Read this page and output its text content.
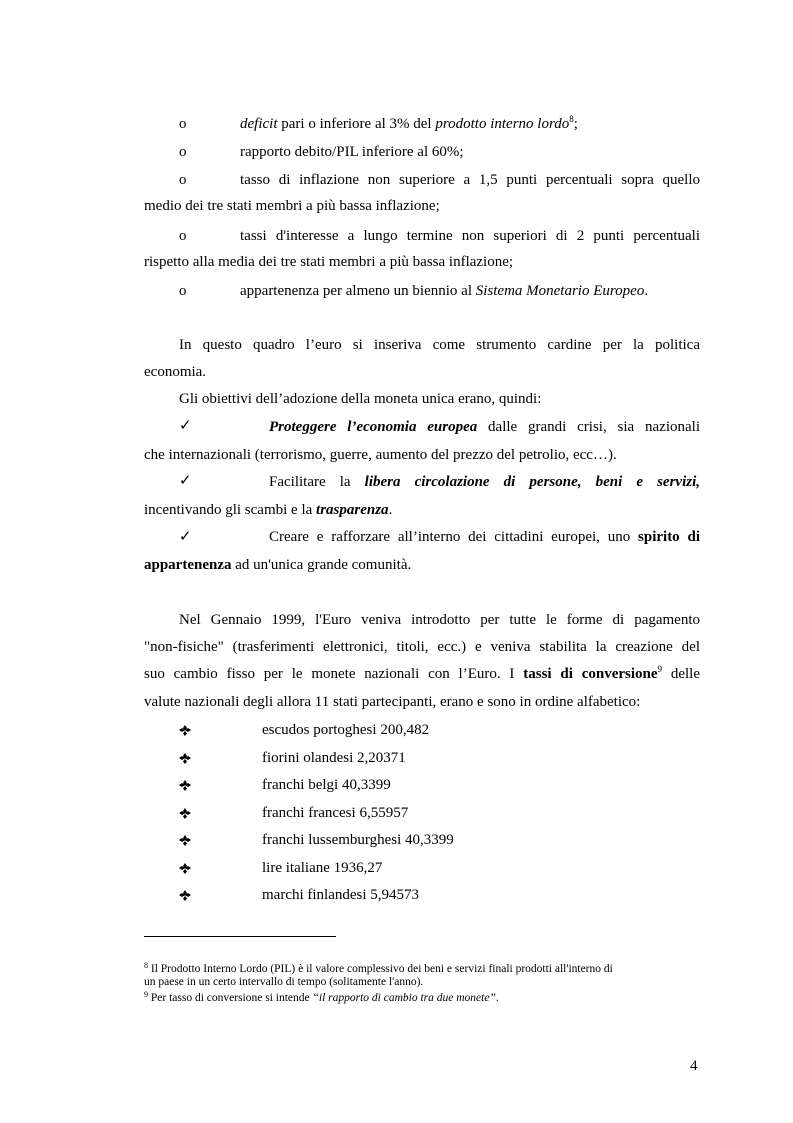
o	deficit pari o inferiore al 3% del prodotto interno lordo$^8$;
o	rapporto debito/PIL inferiore al 60%;
o	tasso di inflazione non superiore a 1,5 punti percentuali sopra quello
medio dei tre stati membri a più bassa inflazione;
o	tassi d'interesse a lungo termine non superiori di 2 punti percentuali
rispetto alla media dei tre stati membri a più bassa inflazione;
o	appartenenza per almeno un biennio al Sistema Monetario Europeo.
In questo quadro l’euro si inseriva come strumento cardine per la politica
economia.
Gli obiettivi dell’adozione della moneta unica erano, quindi:
✓	Proteggere l’economia europea dalle grandi crisi, sia nazionali
che internazionali (terrorismo, guerre, aumento del prezzo del petrolio, ecc…).
✓	Facilitare la libera circolazione di persone, beni e servizi,
incentivando gli scambi e la trasparenza.
✓	Creare e rafforzare all’interno dei cittadini europei, uno spirito di
appartenenza ad un'unica grande comunità.
Nel Gennaio 1999, l'Euro veniva introdotto per tutte le forme di pagamento
"non-fisiche" (trasferimenti elettronici, titoli, ecc.) e veniva stabilita la creazione del
suo cambio fisso per le monete nazionali con l’Euro. I tassi di conversione$^9$ delle
valute nazionali degli allora 11 stati partecipanti, erano e sono in ordine alfabetico:
escudos portoghesi 200,482
fiorini olandesi 2,20371
franchi belgi 40,3399
franchi francesi 6,55957
franchi lussemburghesi 40,3399
lire italiane 1936,27
marchi finlandesi 5,94573
$^8$ Il Prodotto Interno Lordo (PIL) è il valore complessivo dei beni e servizi finali prodotti all'interno di
un paese in un certo intervallo di tempo (solitamente l'anno).
$^9$ Per tasso di conversione si intende “il rapporto di cambio tra due monete”.
4
